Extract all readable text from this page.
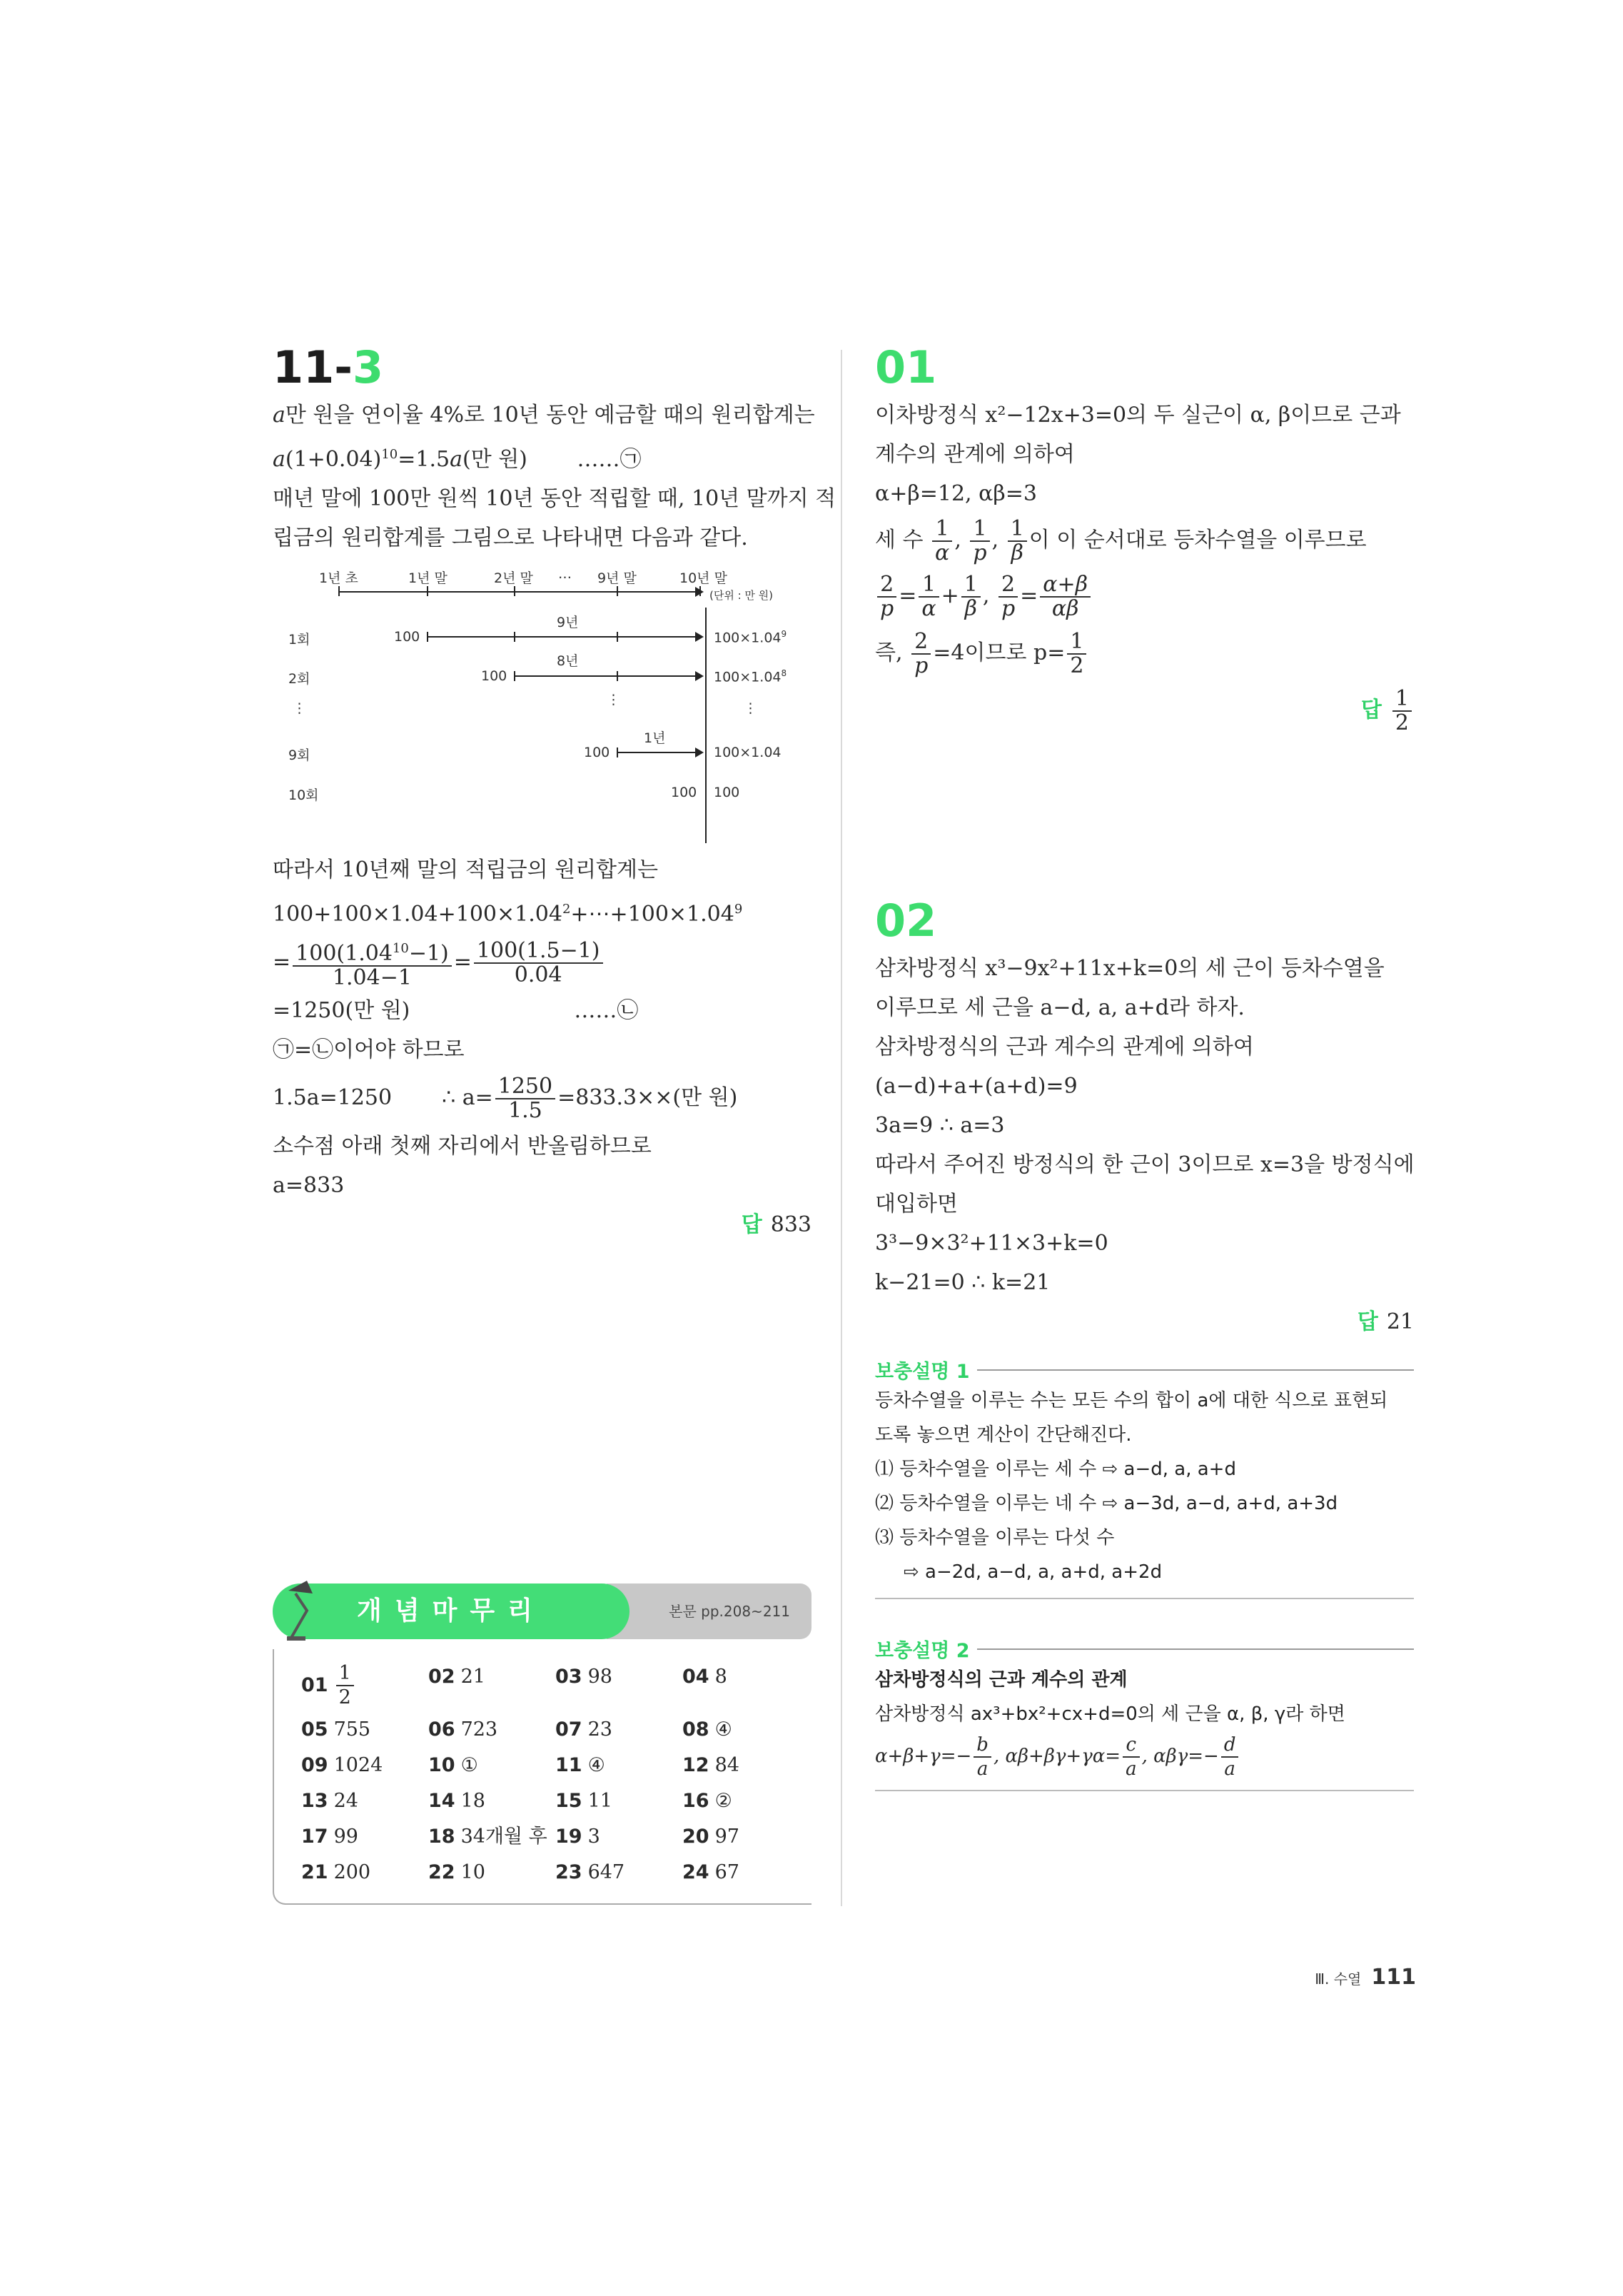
11-3
a만 원을 연이율 4%로 10년 동안 예금할 때의 원리합계는
$a(1+0.04)^{10}=1.5a$(만 원) ……㉠
매년 말에 100만 원씩 10년 동안 적립할 때, 10년 말까지 적
립금의 원리합계를 그림으로 나타내면 다음과 같다.
1년 초	1년 말	2년 말 … 9년 말	10년 말
(단위 : 만 원)
1회	100
9년
$100\times 1.04^9$
2회	100
8년
$100\times 1.04^8$
⋮
⋮
⋮
9회	100
1년
100×1.04
10회	100 100
따라서 10년째 말의 적립금의 원리합계는
$100+100\times 1.04+100\times 1.04^2+\cdots+100\times 1.04^9$
= $\frac{100(1.04^{10}-1)}{1.04-1} = \frac{100(1.5-1)}{0.04}$
=1250(만 원)	……㉡
㉠=㉡이어야 하므로
1.5a=1250 ∴ $a= \frac{1250}{1.5} =833.3\times\times$(만 원)
소수점 아래 첫째 자리에서 반올림하므로
a=833
답 833
01
이차방정식 x²−12x+3=0의 두 실근이 α, β이므로 근과
계수의 관계에 의하여
α+β=12, αβ=3
세 수 $\frac{1}{\alpha}$ , $\frac{1}{p}$ , $\frac{1}{\beta}$ 이 이 순서대로 등차수열을 이루므로
$\frac{2}{p} = \frac{1}{\alpha} + \frac{1}{\beta}$ , $\frac{2}{p} = \frac{\alpha+\beta}{\alpha\beta}$
즉, $\frac{2}{p} =4$이므로 $p= \frac{1}{2}$
답 $\frac{1}{2}$
02
삼차방정식 x³−9x²+11x+k=0의 세 근이 등차수열을
이루므로 세 근을 a−d, a, a+d라 하자.
삼차방정식의 근과 계수의 관계에 의하여
(a−d)+a+(a+d)=9
3a=9 ∴ a=3
따라서 주어진 방정식의 한 근이 3이므로 x=3을 방정식에
대입하면
3³−9×3²+11×3+k=0
k−21=0 ∴ k=21
답 21
보충설명 1
등차수열을 이루는 수는 모든 수의 합이 a에 대한 식으로 표현되
도록 놓으면 계산이 간단해진다.
⑴ 등차수열을 이루는 세 수 ⇨ a−d, a, a+d
⑵ 등차수열을 이루는 네 수 ⇨ a−3d, a−d, a+d, a+3d
⑶ 등차수열을 이루는 다섯 수
⇨ a−2d, a−d, a, a+d, a+2d
보충설명 2
삼차방정식의 근과 계수의 관계
삼차방정식 ax³+bx²+cx+d=0의 세 근을 α, β, γ라 하면
$\alpha+\beta+\gamma=- \frac{b}{a}$ , $\alpha\beta+\beta\gamma+\gamma\alpha= \frac{c}{a}$ , $\alpha\beta\gamma=- \frac{d}{a}$
본문 pp.208~211
개념마무리
$01 \frac{1}{2}$	02 21	03 98	04 8
05 755	06 723	07 23	08 ④
09 1024	10 ①	11 ④	12 84
13 24	14 18	15 11	16 ②
17 99	18 34개월 후 19 3	20 97
21 200	22 10	23 647	24 67
Ⅲ. 수열 111
